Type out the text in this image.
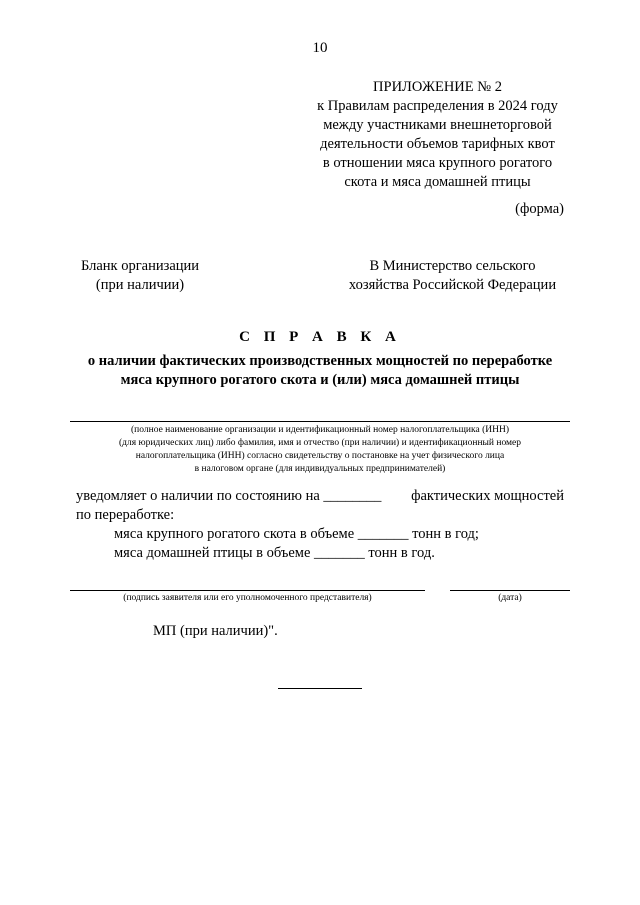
10
ПРИЛОЖЕНИЕ № 2
к Правилам распределения в 2024 году
между участниками внешнеторговой
деятельности объемов тарифных квот
в отношении мяса крупного рогатого
скота и мяса домашней птицы
(форма)
Бланк организации
(при наличии)
В Министерство сельского
хозяйства Российской Федерации
С П Р А В К А
о наличии фактических производственных мощностей по переработке
мяса крупного рогатого скота и (или) мяса домашней птицы
(полное наименование организации и идентификационный номер налогоплательщика (ИНН)
(для юридических лиц) либо фамилия, имя и отчество (при наличии) и идентификационный номер
налогоплательщика (ИНН) согласно свидетельству о постановке на учет физического лица
в налоговом органе (для индивидуальных предпринимателей)
уведомляет о наличии по состоянию на ________ фактических мощностей
по переработке:
мяса крупного рогатого скота в объеме _______ тонн в год;
мяса домашней птицы в объеме _______ тонн в год.
(подпись заявителя или его уполномоченного представителя)	(дата)
МП (при наличии)".
